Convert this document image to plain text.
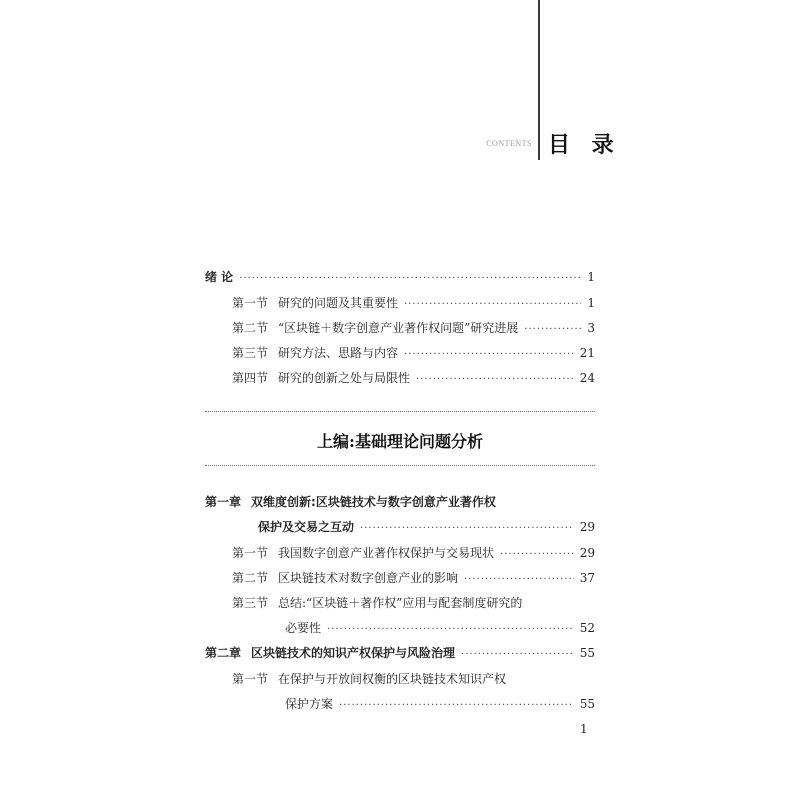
CONTENTS 目 录
绪 论 ·····	1
第一节 研究的问题及其重要性 ·····	1
第二节 “区块链＋数字创意产业著作权问题”研究进展 ·····	3
第三节 研究方法、思路与内容 ·····	21
第四节 研究的创新之处与局限性 ·····	24
上编:基础理论问题分析
第一章 双维度创新:区块链技术与数字创意产业著作权
保护及交易之互动 ·····	29
第一节 我国数字创意产业著作权保护与交易现状 ·····	29
第二节 区块链技术对数字创意产业的影响 ·····	37
第三节 总结:“区块链＋著作权”应用与配套制度研究的
必要性 ·····	52
第二章 区块链技术的知识产权保护与风险治理 ·····	55
第一节 在保护与开放间权衡的区块链技术知识产权
保护方案 ·····	55
1
